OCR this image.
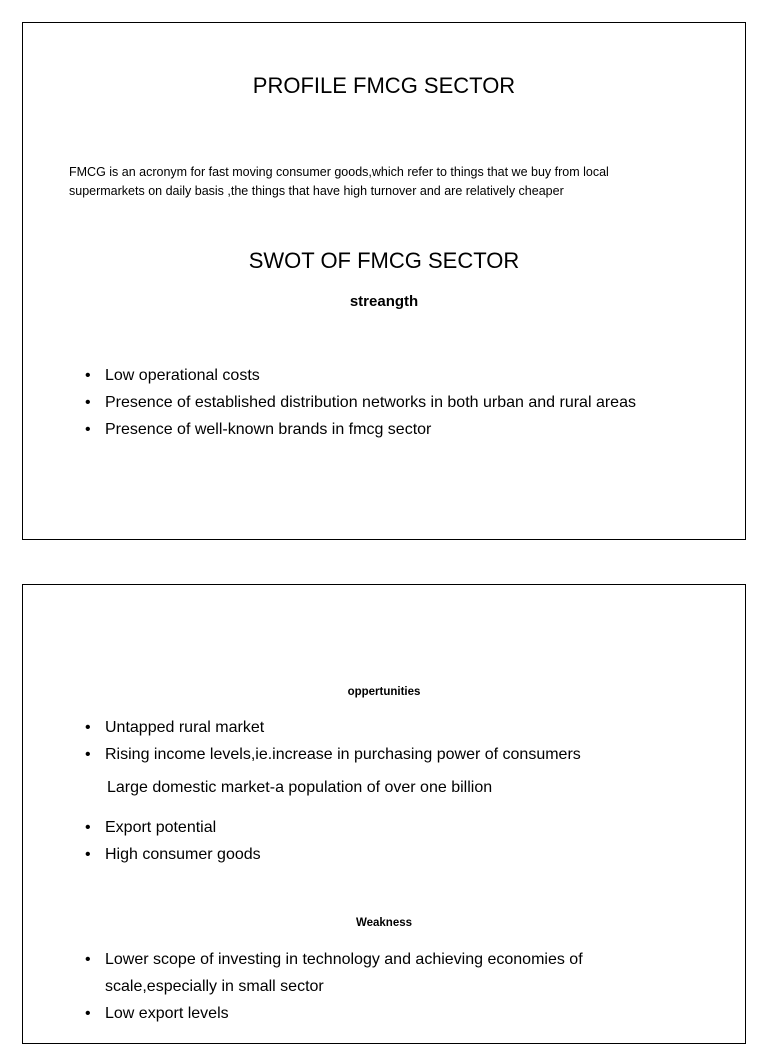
PROFILE FMCG SECTOR
FMCG is an acronym for fast moving consumer goods,which refer to things that we buy from local
supermarkets on daily basis ,the things that have high turnover and are relatively cheaper
SWOT OF FMCG SECTOR
streangth
• Low operational costs
• Presence of established distribution networks in both urban and rural areas
• Presence of well-known brands in fmcg sector
oppertunities
• Untapped rural market
• Rising income levels,ie.increase in purchasing power of consumers
Large domestic market-a population of over one billion
• Export potential
• High consumer goods
Weakness
• Lower scope of investing in technology and achieving economies of scale,especially in small sector
• Low export levels
